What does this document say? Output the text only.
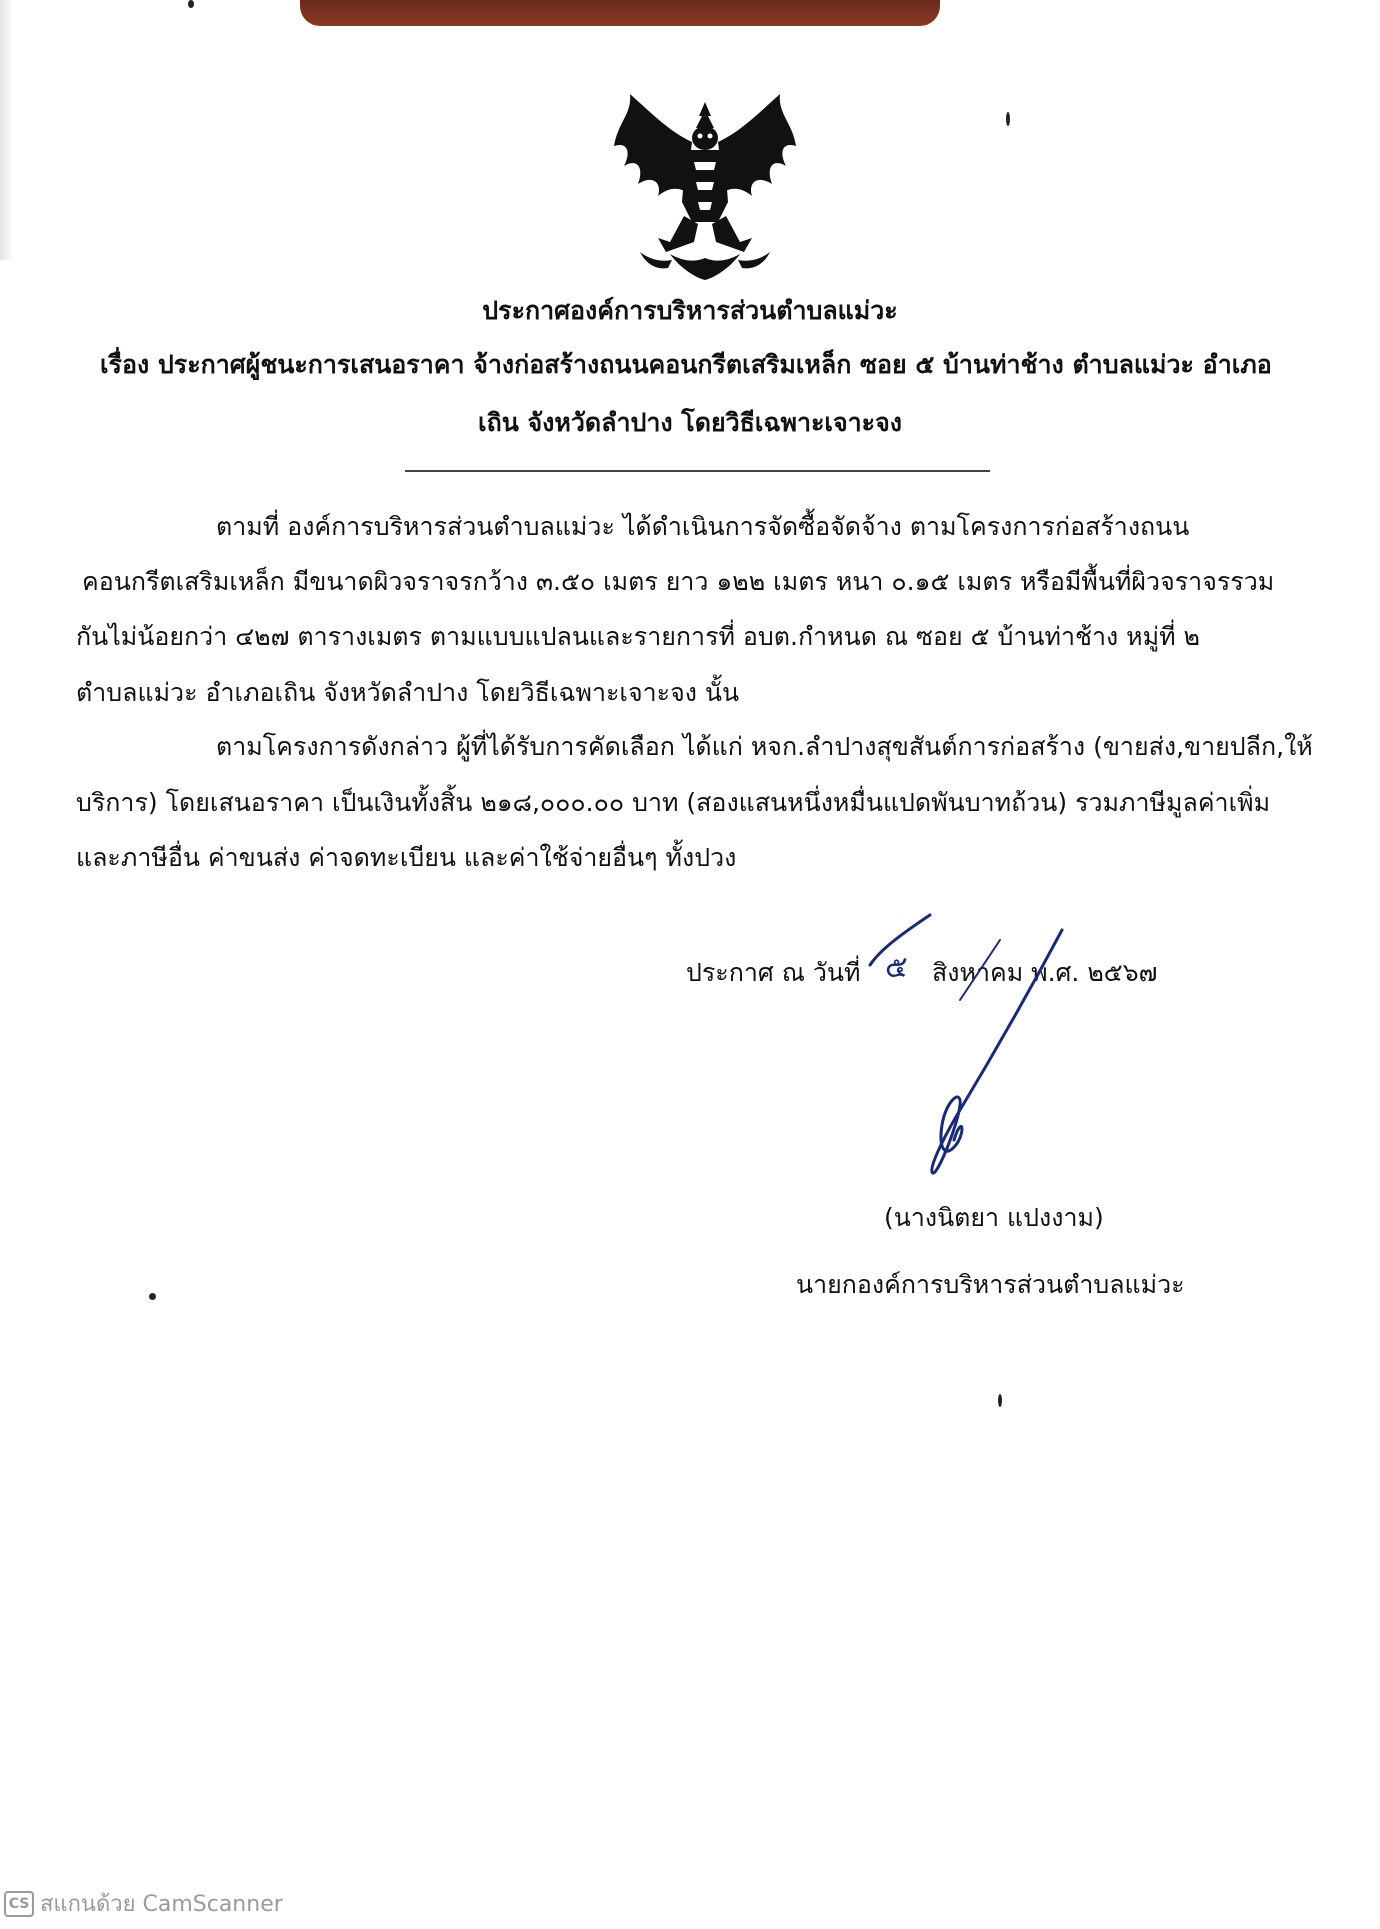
ประกาศองค์การบริหารส่วนตำบลแม่วะ
เรื่อง ประกาศผู้ชนะการเสนอราคา จ้างก่อสร้างถนนคอนกรีตเสริมเหล็ก ซอย ๕ บ้านท่าช้าง ตำบลแม่วะ อำเภอ
เถิน จังหวัดลำปาง โดยวิธีเฉพาะเจาะจง
ตามที่ องค์การบริหารส่วนตำบลแม่วะ ได้ดำเนินการจัดซื้อจัดจ้าง ตามโครงการก่อสร้างถนน
คอนกรีตเสริมเหล็ก มีขนาดผิวจราจรกว้าง ๓.๕๐ เมตร ยาว ๑๒๒ เมตร หนา ๐.๑๕ เมตร หรือมีพื้นที่ผิวจราจรรวม
กันไม่น้อยกว่า ๔๒๗ ตารางเมตร ตามแบบแปลนและรายการที่ อบต.กำหนด ณ ซอย ๕ บ้านท่าช้าง หมู่ที่ ๒
ตำบลแม่วะ อำเภอเถิน จังหวัดลำปาง โดยวิธีเฉพาะเจาะจง นั้น
ตามโครงการดังกล่าว ผู้ที่ได้รับการคัดเลือก ได้แก่ หจก.ลำปางสุขสันต์การก่อสร้าง (ขายส่ง,ขายปลีก,ให้
บริการ) โดยเสนอราคา เป็นเงินทั้งสิ้น ๒๑๘,๐๐๐.๐๐ บาท (สองแสนหนึ่งหมื่นแปดพันบาทถ้วน) รวมภาษีมูลค่าเพิ่ม
และภาษีอื่น ค่าขนส่ง ค่าจดทะเบียน และค่าใช้จ่ายอื่นๆ ทั้งปวง
ประกาศ ณ วันที่ ๕ สิงหาคม พ.ศ. ๒๕๖๗
(นางนิตยา แปงงาม)
นายกองค์การบริหารส่วนตำบลแม่วะ
CS สแกนด้วย CamScanner
